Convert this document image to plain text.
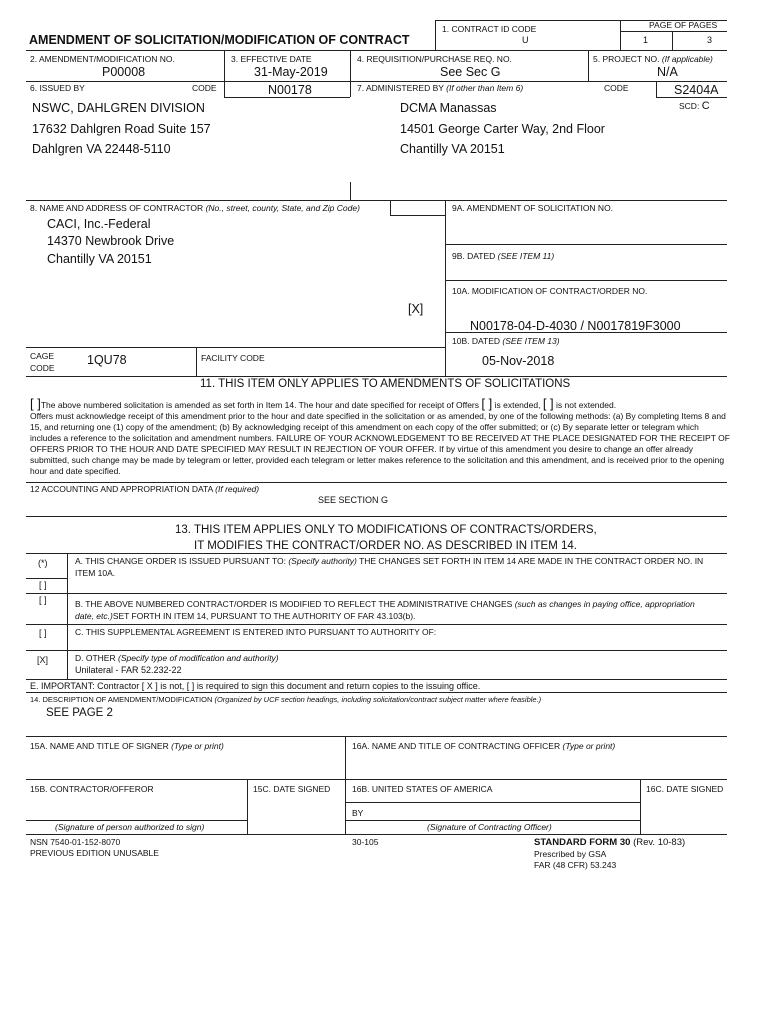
1. CONTRACT ID CODE
U
PAGE OF PAGES
1	3
AMENDMENT OF SOLICITATION/MODIFICATION OF CONTRACT
2. AMENDMENT/MODIFICATION NO.
P00008
3. EFFECTIVE DATE
31-May-2019
4. REQUISITION/PURCHASE REQ. NO.
See Sec G
5. PROJECT NO. (If applicable)
N/A
6. ISSUED BY	CODE	N00178	7. ADMINISTERED BY (If other than Item 6)	CODE	S2404A
SCD: C
NSWC, DAHLGREN DIVISION
17632 Dahlgren Road Suite 157
Dahlgren VA 22448-5110
DCMA Manassas
14501 George Carter Way, 2nd Floor
Chantilly VA 20151
8. NAME AND ADDRESS OF CONTRACTOR (No., street, county, State, and Zip Code)
CACI, Inc.-Federal
14370 Newbrook Drive
Chantilly VA 20151
9A. AMENDMENT OF SOLICITATION NO.
9B. DATED (SEE ITEM 11)
10A. MODIFICATION OF CONTRACT/ORDER NO.
[X]
N00178-04-D-4030 / N0017819F3000
10B. DATED (SEE ITEM 13)
05-Nov-2018
CAGE
CODE
1QU78	FACILITY CODE
11. THIS ITEM ONLY APPLIES TO AMENDMENTS OF SOLICITATIONS
[ ]The above numbered solicitation is amended as set forth in Item 14. The hour and date specified for receipt of Offers [ ] is extended, [ ] is not extended.
Offers must acknowledge receipt of this amendment prior to the hour and date specified in the solicitation or as amended, by one of the following methods: (a) By completing Items 8 and 15, and returning one (1) copy of the amendment; (b) By acknowledging receipt of this amendment on each copy of the offer submitted; or (c) By separate letter or telegram which includes a reference to the solicitation and amendment numbers. FAILURE OF YOUR ACKNOWLEDGEMENT TO BE RECEIVED AT THE PLACE DESIGNATED FOR THE RECEIPT OF OFFERS PRIOR TO THE HOUR AND DATE SPECIFIED MAY RESULT IN REJECTION OF YOUR OFFER. If by virtue of this amendment you desire to change an offer already submitted, such change may be made by telegram or letter, provided each telegram or letter makes reference to the solicitation and this amendment, and is received prior to the opening hour and date specified.
12 ACCOUNTING AND APPROPRIATION DATA (If required)
SEE SECTION G
13. THIS ITEM APPLIES ONLY TO MODIFICATIONS OF CONTRACTS/ORDERS,
IT MODIFIES THE CONTRACT/ORDER NO. AS DESCRIBED IN ITEM 14.
(*)	A. THIS CHANGE ORDER IS ISSUED PURSUANT TO: (Specify authority) THE CHANGES SET FORTH IN ITEM 14 ARE MADE IN THE CONTRACT ORDER NO. IN
ITEM 10A.
[ ]
[ ]	B. THE ABOVE NUMBERED CONTRACT/ORDER IS MODIFIED TO REFLECT THE ADMINISTRATIVE CHANGES (such as changes in paying office, appropriation
date, etc.)SET FORTH IN ITEM 14, PURSUANT TO THE AUTHORITY OF FAR 43.103(b).
[ ]	C. THIS SUPPLEMENTAL AGREEMENT IS ENTERED INTO PURSUANT TO AUTHORITY OF:
[X]	D. OTHER (Specify type of modification and authority)
Unilateral - FAR 52.232-22
E. IMPORTANT: Contractor [ X ] is not, [ ] is required to sign this document and return copies to the issuing office.
14. DESCRIPTION OF AMENDMENT/MODIFICATION (Organized by UCF section headings, including solicitation/contract subject matter where feasible.)
SEE PAGE 2
15A. NAME AND TITLE OF SIGNER (Type or print)	16A. NAME AND TITLE OF CONTRACTING OFFICER (Type or print)
15B. CONTRACTOR/OFFEROR	15C. DATE SIGNED	16B. UNITED STATES OF AMERICA	16C. DATE SIGNED
BY
(Signature of person authorized to sign)	(Signature of Contracting Officer)
NSN 7540-01-152-8070
PREVIOUS EDITION UNUSABLE
30-105	STANDARD FORM 30 (Rev. 10-83)
Prescribed by GSA
FAR (48 CFR) 53.243
